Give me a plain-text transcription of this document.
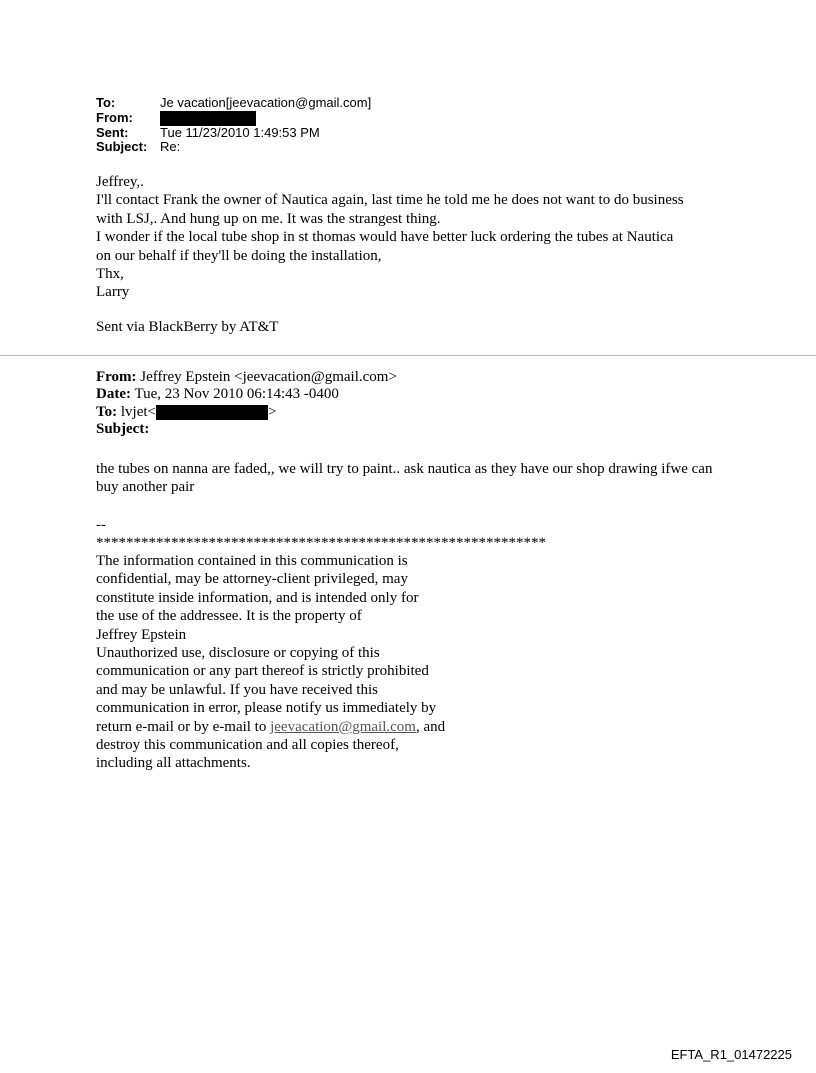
To:	Je vacation[jeevacation@gmail.com]
From:
Sent:	Tue 11/23/2010 1:49:53 PM
Subject: Re:

Jeffrey,.
I'll contact Frank the owner of Nautica again, last time he told me he does not want to do business
with LSJ,. And hung up on me. It was the strangest thing.
I wonder if the local tube shop in st thomas would have better luck ordering the tubes at Nautica
on our behalf if they'll be doing the installation,
Thx,
Larry

Sent via BlackBerry by AT&T

From: Jeffrey Epstein <jeevacation@gmail.com>
Date: Tue, 23 Nov 2010 06:14:43 -0400
To: lvjet<	>
Subject:

the tubes on nanna are faded,, we will try to paint.. ask nautica as they have our shop drawing ifwe can buy another pair

--
************************************************************

The information contained in this communication is
confidential, may be attorney-client privileged, may
constitute inside information, and is intended only for
the use of the addressee. It is the property of
Jeffrey Epstein
Unauthorized use, disclosure or copying of this
communication or any part thereof is strictly prohibited
and may be unlawful. If you have received this
communication in error, please notify us immediately by
return e-mail or by e-mail to jeevacation@gmail.com, and
destroy this communication and all copies thereof,
including all attachments.

EFTA_R1_01472225
